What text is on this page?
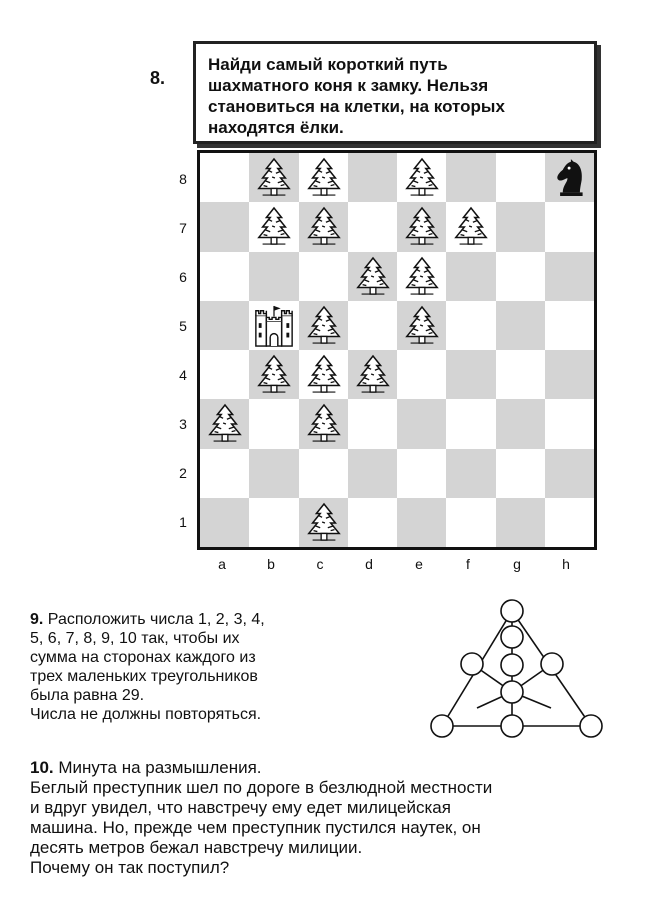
8.
Найди самый короткий путь
шахматного коня к замку. Нельзя
становиться на клетки, на которых
находятся ёлки.
8
7
6
5
4
3
2
1
a	b	c	d	e	f	g	h
9. Расположить числа 1, 2, 3, 4,
5, 6, 7, 8, 9, 10 так, чтобы их
сумма на сторонах каждого из
трех маленьких треугольников
была равна 29.
Числа не должны повторяться.
10. Минута на размышления.
Беглый преступник шел по дороге в безлюдной местности
и вдруг увидел, что навстречу ему едет милицейская
машина. Но, прежде чем преступник пустился наутек, он
десять метров бежал навстречу милиции.
Почему он так поступил?
